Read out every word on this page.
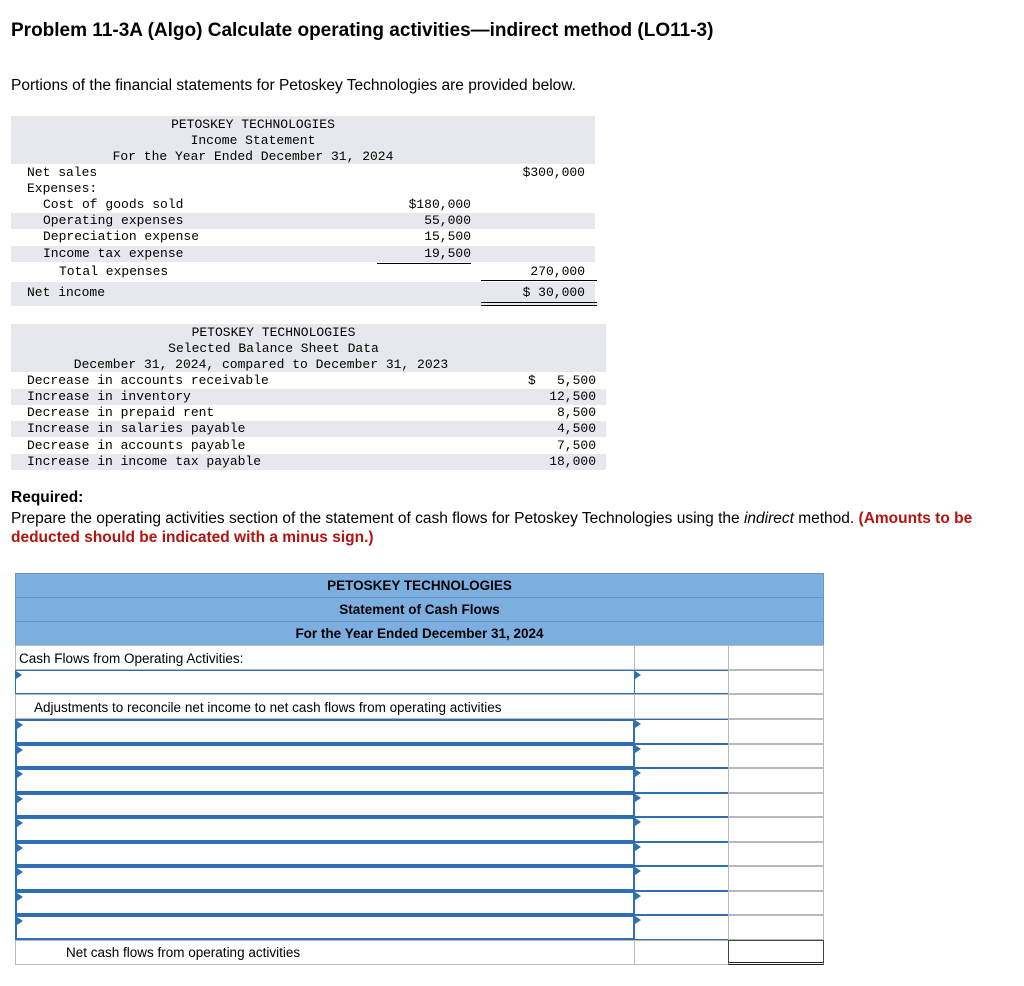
Problem 11-3A (Algo) Calculate operating activities—indirect method (LO11-3)
Portions of the financial statements for Petoskey Technologies are provided below.
PETOSKEY TECHNOLOGIES
Income Statement
For the Year Ended December 31, 2024
Net sales	$300,000
Expenses:
Cost of goods sold	$180,000
Operating expenses	55,000
Depreciation expense	15,500
Income tax expense	19,500
Total expenses	270,000
Net income	$ 30,000
PETOSKEY TECHNOLOGIES
Selected Balance Sheet Data
December 31, 2024, compared to December 31, 2023
Decrease in accounts receivable	$	5,500
Increase in inventory	12,500
Decrease in prepaid rent	8,500
Increase in salaries payable	4,500
Decrease in accounts payable	7,500
Increase in income tax payable	18,000
Required:
Prepare the operating activities section of the statement of cash flows for Petoskey Technologies using the indirect method. (Amounts to be deducted should be indicated with a minus sign.)
PETOSKEY TECHNOLOGIES
Statement of Cash Flows
For the Year Ended December 31, 2024
Cash Flows from Operating Activities:
Adjustments to reconcile net income to net cash flows from operating activities
Net cash flows from operating activities
